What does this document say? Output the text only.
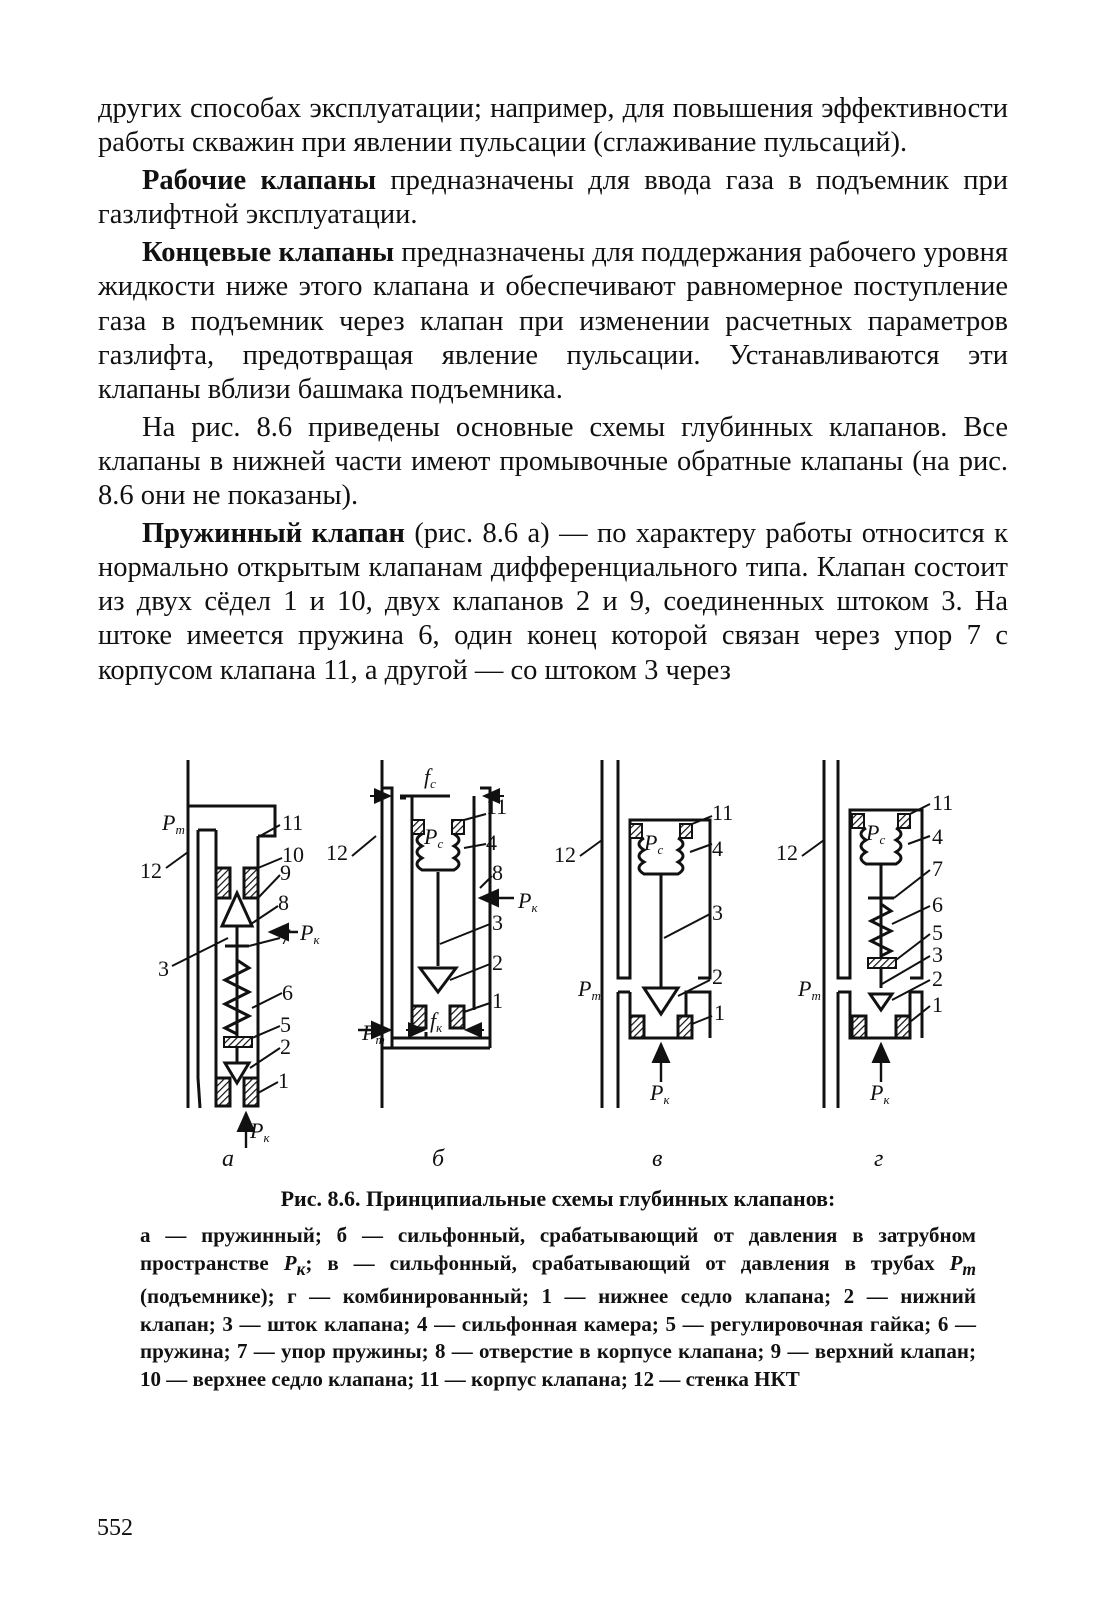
других способах эксплуатации; например, для повышения эффективности работы скважин при явлении пульсации (сглаживание пульсаций).

Рабочие клапаны предназначены для ввода газа в подъемник при газлифтной эксплуатации.

Концевые клапаны предназначены для поддержания рабочего уровня жидкости ниже этого клапана и обеспечивают равномерное поступление газа в подъемник через клапан при изменении расчетных параметров газлифта, предотвращая явление пульсации. Устанавливаются эти клапаны вблизи башмака подъемника.

На рис. 8.6 приведены основные схемы глубинных клапанов. Все клапаны в нижней части имеют промывочные обратные клапаны (на рис. 8.6 они не показаны).

Пружинный клапан (рис. 8.6 а) — по характеру работы относится к нормально открытым клапанам дифференциального типа. Клапан состоит из двух сёдел 1 и 10, двух клапанов 2 и 9, соединенных штоком 3. На штоке имеется пружина 6, один конец которой связан через упор 7 с корпусом клапана 11, а другой — со штоком 3 через

Pт
Pк
Pк
fс
Pс
Pк
Pт
fк
Pс
Pт
Pк
Pс
Pт
Pк
а	б	в	г
11
10
9
8
7
6
5
2
1
12
3
11
4
8
3
2
1
12
11
4
3
2
1
12
11
4
7
6
5
3
2
1
12
Рис. 8.6. Принципиальные схемы глубинных клапанов:
а — пружинный; б — сильфонный, срабатывающий от давления в затрубном пространстве $P_к$; в — сильфонный, срабатывающий от давления в трубах $P_т$ (подъемнике); г — комбинированный; 1 — нижнее седло клапана; 2 — нижний клапан; 3 — шток клапана; 4 — сильфонная камера; 5 — регулировочная гайка; 6 — пружина; 7 — упор пружины; 8 — отверстие в корпусе клапана; 9 — верхний клапан; 10 — верхнее седло клапана; 11 — корпус клапана; 12 — стенка НКТ
552
